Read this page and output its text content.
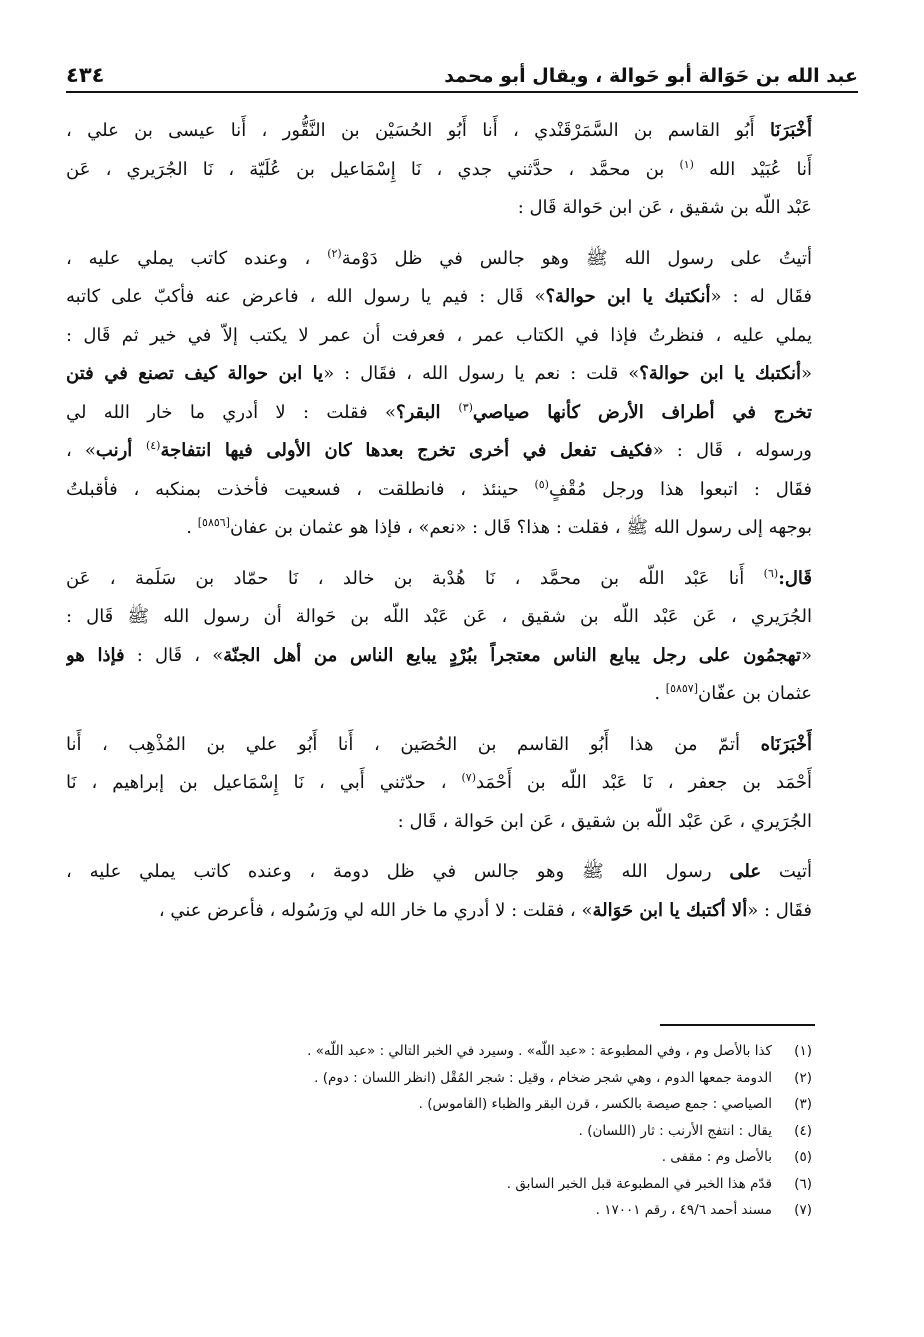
عبد الله بن حَوَالة أبو حَوالة ، ويقال أبو محمد
٤٣٤
أَخْبَرَنَا أَبُو القاسم بن السَّمَرْقَنْدي ، أَنا أَبُو الحُسَيْن بن النَّقُّور ، أَنا عيسى بن علي ،
أَنا عُبَيْد الله $^{(١)}$ بن محمَّد ، حدَّثني جدي ، نَا إِسْمَاعيل بن عُلَيّة ، نَا الجُرَيري ، عَن
عَبْد اللّه بن شقيق ، عَن ابن حَوالة قَال :
أتيتُ على رسول الله ﷺ وهو جالس في ظل دَوْمة$^{(٢)}$ ، وعنده كاتب يملي عليه ،
فقَال له : «أنكتبك يا ابن حوالة؟» قَال : فيم يا رسول الله ، فاعرض عنه فأكبّ على كاتبه
يملي عليه ، فنظرتُ فإذا في الكتاب عمر ، فعرفت أن عمر لا يكتب إلاّ في خير ثم قَال :
«أنكتبك يا ابن حوالة؟» قلت : نعم يا رسول الله ، فقَال : «يا ابن حوالة كيف تصنع في فتن
تخرج في أطراف الأرض كأنها صياصي$^{(٣)}$ البقر؟» فقلت : لا أدري ما خار الله لي
ورسوله ، قَال : «فكيف تفعل في أخرى تخرج بعدها كان الأولى فيها انتفاجة$^{(٤)}$ أرنب» ،
فقَال : اتبعوا هذا ورجل مُقْفٍ$^{(٥)}$ حينئذ ، فانطلقت ، فسعيت فأخذت بمنكبه ، فأقبلتُ
بوجهه إلى رسول الله ﷺ ، فقلت : هذا؟ قَال : «نعم» ، فإذا هو عثمان بن عفان[٥٨٥٦] .
قَال:$^{(٦)}$ أَنا عَبْد اللّه بن محمَّد ، نَا هُدْبة بن خالد ، نَا حمّاد بن سَلَمة ، عَن
الجُرَيري ، عَن عَبْد اللّه بن شقيق ، عَن عَبْد اللّه بن حَوالة أن رسول الله ﷺ قَال :
«تهجمُون على رجل يبايع الناس معتجراً ببُرْدٍ يبايع الناس من أهل الجنّة» ، قَال : فإذا هو
عثمان بن عفّان[٥٨٥٧] .
أَخْبَرَنَاه أتمّ من هذا أَبُو القاسم بن الحُصَين ، أَنا أَبُو علي بن المُذْهِب ، أَنا
أَحْمَد بن جعفر ، نَا عَبْد اللّه بن أَحْمَد$^{(٧)}$ ، حدّثني أَبي ، نَا إِسْمَاعيل بن إبراهيم ، نَا
الجُرَيري ، عَن عَبْد اللّه بن شقيق ، عَن ابن حَوالة ، قَال :
أتيت على رسول الله ﷺ وهو جالس في ظل دومة ، وعنده كاتب يملي عليه ،
فقَال : «ألا أكتبك يا ابن حَوَالة» ، فقلت : لا أدري ما خار الله لي ورَسُوله ، فأعرض عني ،
(١)
كذا بالأصل وم ، وفي المطبوعة : «عبد اللّه» . وسيرد في الخبر التالي : «عبد اللّه» .
(٢)
الدومة جمعها الدوم ، وهي شجر ضخام ، وقيل : شجر المُقْل (انظر اللسان : دوم) .
(٣)
الصياصي : جمع صيصة بالكسر ، قرن البقر والظباء (القاموس) .
(٤)
يقال : انتفج الأرنب : ثار (اللسان) .
(٥)
بالأصل وم : مقفى .
(٦)
قدّم هذا الخبر في المطبوعة قبل الخبر السابق .
(٧)
مسند أحمد ٤٩/٦ ، رقم ١٧٠٠١ .
